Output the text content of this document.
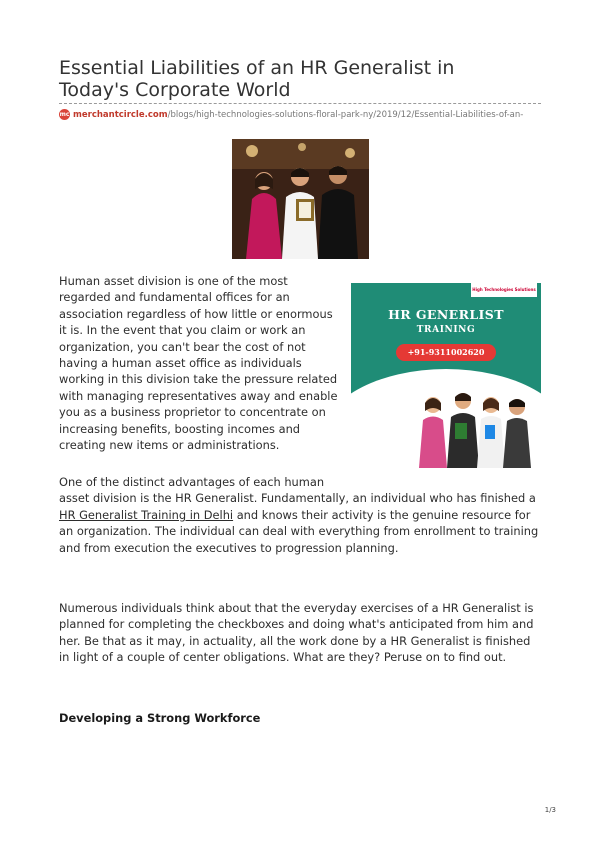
Essential Liabilities of an HR Generalist in Today's Corporate World
mc merchantcircle.com/blogs/high-technologies-solutions-floral-park-ny/2019/12/Essential-Liabilities-of-an-
High Technologies Solutions
HR GENERLIST
TRAINING
+91-9311002620

Human asset division is one of the most regarded and fundamental offices for an association regardless of how little or enormous it is. In the event that you claim or work an organization, you can't bear the cost of not having a human asset office as individuals working in this division take the pressure related with managing representatives away and enable you as a business proprietor to concentrate on increasing benefits, boosting incomes and creating new items or administrations.

One of the distinct advantages of each human
asset division is the HR Generalist. Fundamentally, an individual who has finished a HR Generalist Training in Delhi and knows their activity is the genuine resource for an organization. The individual can deal with everything from enrollment to training and from execution the executives to progression planning.

Numerous individuals think about that the everyday exercises of a HR Generalist is planned for completing the checkboxes and doing what's anticipated from him and her. Be that as it may, in actuality, all the work done by a HR Generalist is finished in light of a couple of center obligations. What are they? Peruse on to find out.

Developing a Strong Workforce
1/3
